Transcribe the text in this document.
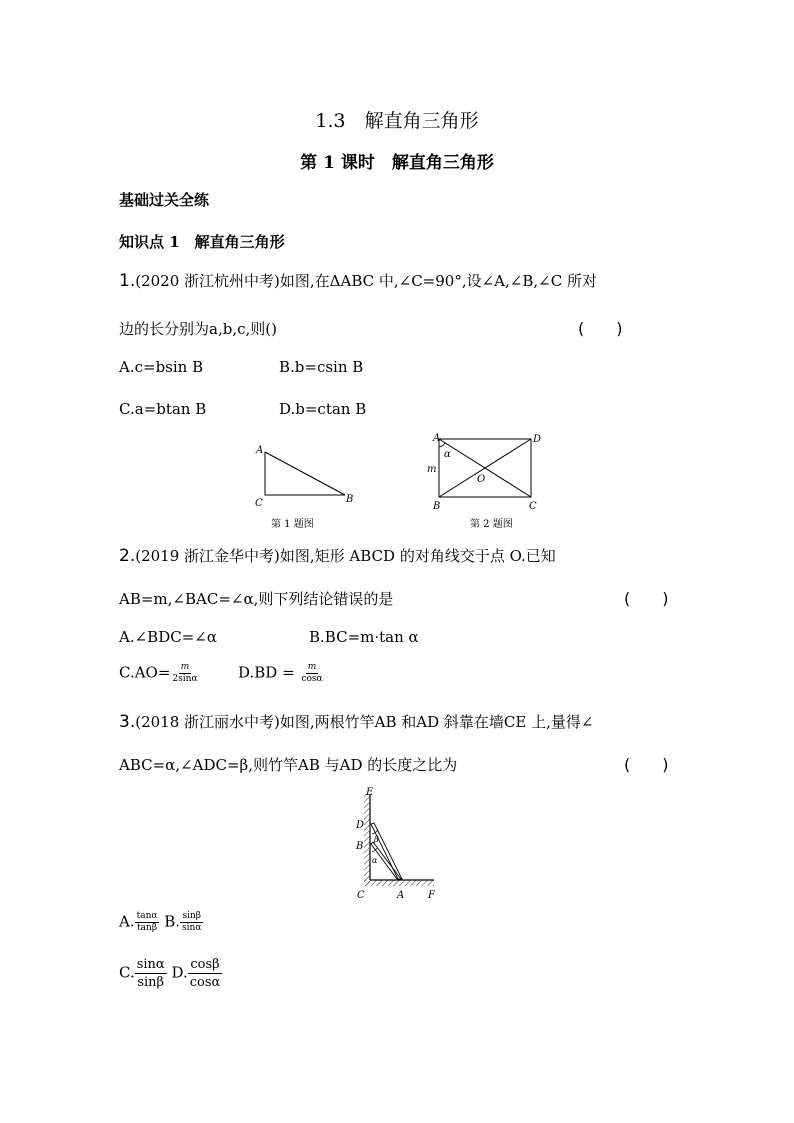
1.3　解直角三角形
第 1 课时　解直角三角形
基础过关全练
知识点 1　解直角三角形
1.(2020 浙江杭州中考)如图,在ΔABC 中,∠C=90°,设∠A,∠B,∠C 所对
边的长分别为a,b,c,则()	(　　)
A.c=bsin B	B.b=csin B
C.a=btan B	D.b=ctan B
A
B
C
第 1 题图
A	D
B	C
O
m
α
第 2 题图
2.(2019 浙江金华中考)如图,矩形 ABCD 的对角线交于点 O.已知
AB=m,∠BAC=∠α,则下列结论错误的是	(　　)
A.∠BDC=∠α	B.BC=m·tan α
$C.AO= \frac{m}{2\sin\alpha}$	$D.BD = \frac{m}{\cos\alpha}$
3.(2018 浙江丽水中考)如图,两根竹竿AB 和AD 斜靠在墙CE 上,量得∠
ABC=α,∠ADC=β,则竹竿AB 与AD 的长度之比为	(　　)
E
D
B
C	A F
β
α
A. $\frac{\tan\alpha}{\tan\beta} B$. $\frac{\sin\beta}{\sin\alpha}$
C. $\frac{\sin\alpha}{\sin\beta} D$. $\frac{\cos\beta}{\cos\alpha}$
